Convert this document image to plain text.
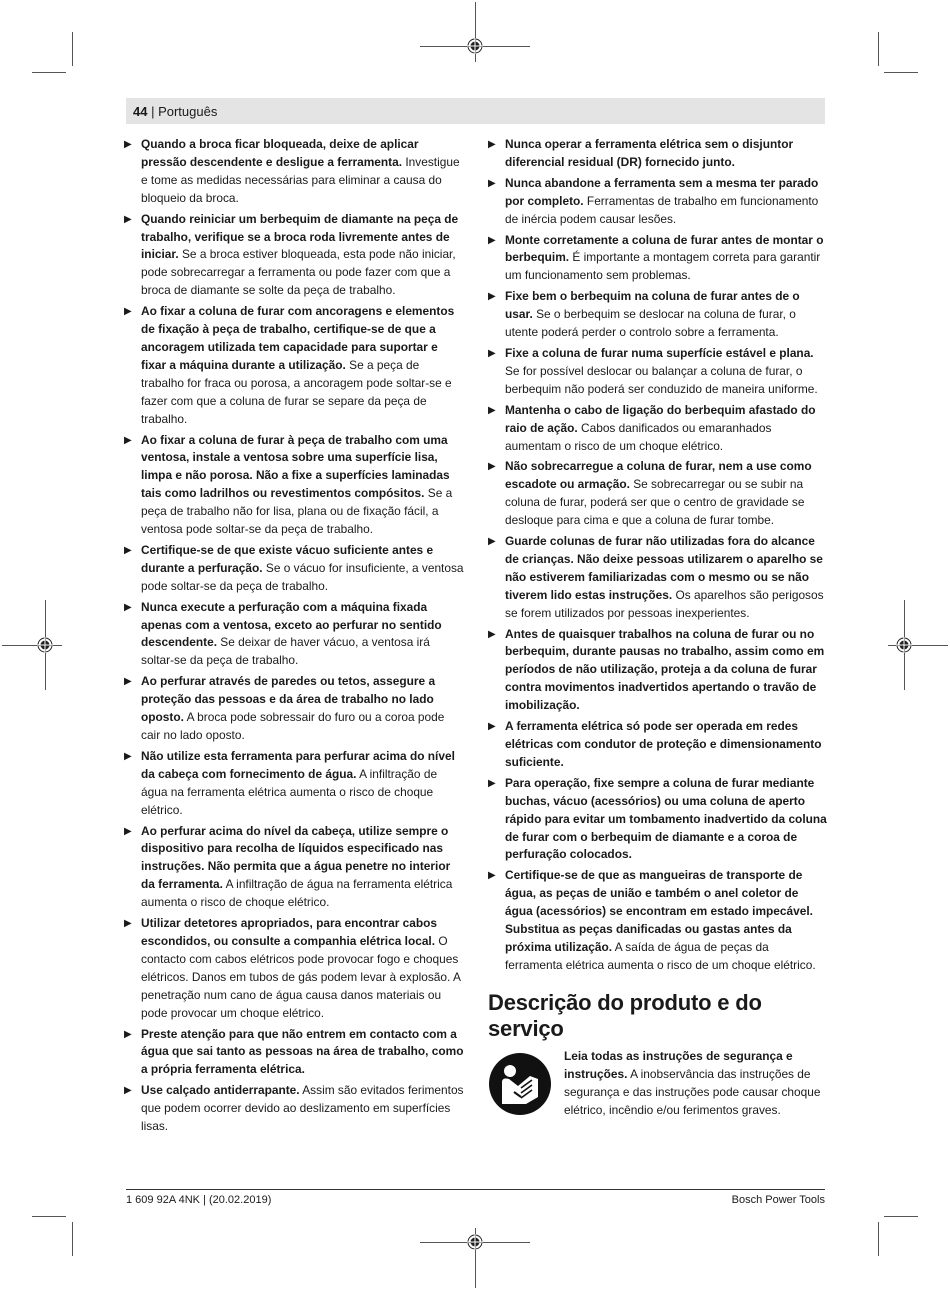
44 | Português
▶ Quando a broca ficar bloqueada, deixe de aplicar pressão descendente e desligue a ferramenta. Investigue e tome as medidas necessárias para eliminar a causa do bloqueio da broca.
▶ Quando reiniciar um berbequim de diamante na peça de trabalho, verifique se a broca roda livremente antes de iniciar. Se a broca estiver bloqueada, esta pode não iniciar, pode sobrecarregar a ferramenta ou pode fazer com que a broca de diamante se solte da peça de trabalho.
▶ Ao fixar a coluna de furar com ancoragens e elementos de fixação à peça de trabalho, certifique-se de que a ancoragem utilizada tem capacidade para suportar e fixar a máquina durante a utilização. Se a peça de trabalho for fraca ou porosa, a ancoragem pode soltar-se e fazer com que a coluna de furar se separe da peça de trabalho.
▶ Ao fixar a coluna de furar à peça de trabalho com uma ventosa, instale a ventosa sobre uma superfície lisa, limpa e não porosa. Não a fixe a superfícies laminadas tais como ladrilhos ou revestimentos compósitos. Se a peça de trabalho não for lisa, plana ou de fixação fácil, a ventosa pode soltar-se da peça de trabalho.
▶ Certifique-se de que existe vácuo suficiente antes e durante a perfuração. Se o vácuo for insuficiente, a ventosa pode soltar-se da peça de trabalho.
▶ Nunca execute a perfuração com a máquina fixada apenas com a ventosa, exceto ao perfurar no sentido descendente. Se deixar de haver vácuo, a ventosa irá soltar-se da peça de trabalho.
▶ Ao perfurar através de paredes ou tetos, assegure a proteção das pessoas e da área de trabalho no lado oposto. A broca pode sobressair do furo ou a coroa pode cair no lado oposto.
▶ Não utilize esta ferramenta para perfurar acima do nível da cabeça com fornecimento de água. A infiltração de água na ferramenta elétrica aumenta o risco de choque elétrico.
▶ Ao perfurar acima do nível da cabeça, utilize sempre o dispositivo para recolha de líquidos especificado nas instruções. Não permita que a água penetre no interior da ferramenta. A infiltração de água na ferramenta elétrica aumenta o risco de choque elétrico.
▶ Utilizar detetores apropriados, para encontrar cabos escondidos, ou consulte a companhia elétrica local. O contacto com cabos elétricos pode provocar fogo e choques elétricos. Danos em tubos de gás podem levar à explosão. A penetração num cano de água causa danos materiais ou pode provocar um choque elétrico.
▶ Preste atenção para que não entrem em contacto com a água que sai tanto as pessoas na área de trabalho, como a própria ferramenta elétrica.
▶ Use calçado antiderrapante. Assim são evitados ferimentos que podem ocorrer devido ao deslizamento em superfícies lisas.
▶ Nunca operar a ferramenta elétrica sem o disjuntor diferencial residual (DR) fornecido junto.
▶ Nunca abandone a ferramenta sem a mesma ter parado por completo. Ferramentas de trabalho em funcionamento de inércia podem causar lesões.
▶ Monte corretamente a coluna de furar antes de montar o berbequim. É importante a montagem correta para garantir um funcionamento sem problemas.
▶ Fixe bem o berbequim na coluna de furar antes de o usar. Se o berbequim se deslocar na coluna de furar, o utente poderá perder o controlo sobre a ferramenta.
▶ Fixe a coluna de furar numa superfície estável e plana. Se for possível deslocar ou balançar a coluna de furar, o berbequim não poderá ser conduzido de maneira uniforme.
▶ Mantenha o cabo de ligação do berbequim afastado do raio de ação. Cabos danificados ou emaranhados aumentam o risco de um choque elétrico.
▶ Não sobrecarregue a coluna de furar, nem a use como escadote ou armação. Se sobrecarregar ou se subir na coluna de furar, poderá ser que o centro de gravidade se desloque para cima e que a coluna de furar tombe.
▶ Guarde colunas de furar não utilizadas fora do alcance de crianças. Não deixe pessoas utilizarem o aparelho se não estiverem familiarizadas com o mesmo ou se não tiverem lido estas instruções. Os aparelhos são perigosos se forem utilizados por pessoas inexperientes.
▶ Antes de quaisquer trabalhos na coluna de furar ou no berbequim, durante pausas no trabalho, assim como em períodos de não utilização, proteja a da coluna de furar contra movimentos inadvertidos apertando o travão de imobilização.
▶ A ferramenta elétrica só pode ser operada em redes elétricas com condutor de proteção e dimensionamento suficiente.
▶ Para operação, fixe sempre a coluna de furar mediante buchas, vácuo (acessórios) ou uma coluna de aperto rápido para evitar um tombamento inadvertido da coluna de furar com o berbequim de diamante e a coroa de perfuração colocados.
▶ Certifique-se de que as mangueiras de transporte de água, as peças de união e também o anel coletor de água (acessórios) se encontram em estado impecável. Substitua as peças danificadas ou gastas antes da próxima utilização. A saída de água de peças da ferramenta elétrica aumenta o risco de um choque elétrico.
Descrição do produto e do serviço
Leia todas as instruções de segurança e instruções. A inobservância das instruções de segurança e das instruções pode causar choque elétrico, incêndio e/ou ferimentos graves.
1 609 92A 4NK | (20.02.2019)	Bosch Power Tools
